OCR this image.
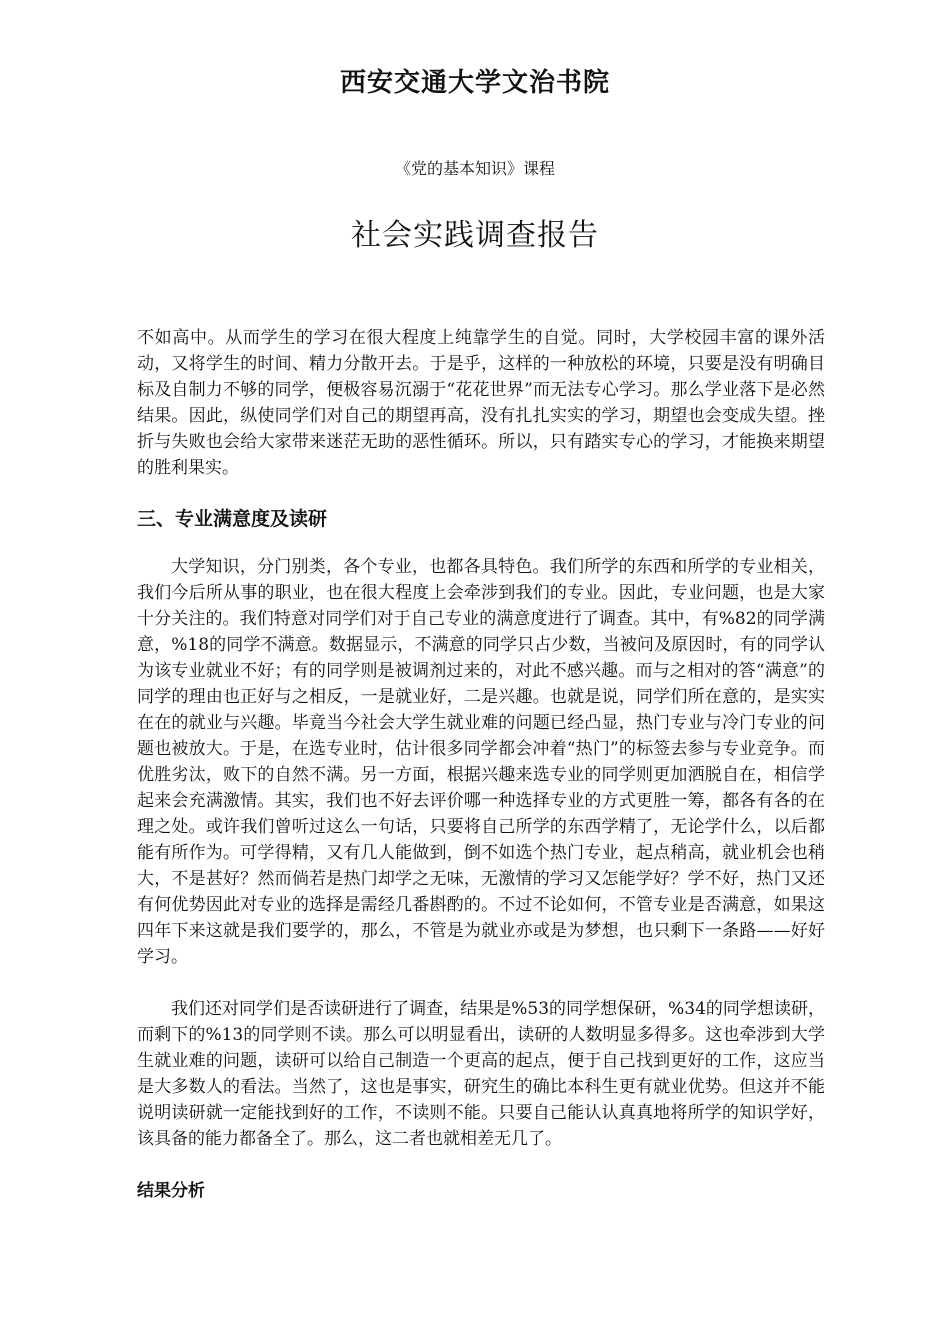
西安交通大学文治书院
《党的基本知识》课程
社会实践调查报告

不如高中。从而学生的学习在很大程度上纯靠学生的自觉。同时，大学校园丰富的课外活动，又将学生的时间、精力分散开去。于是乎，这样的一种放松的环境，只要是没有明确目标及自制力不够的同学，便极容易沉溺于“花花世界”而无法专心学习。那么学业落下是必然结果。因此，纵使同学们对自己的期望再高，没有扎扎实实的学习，期望也会变成失望。挫折与失败也会给大家带来迷茫无助的恶性循环。所以，只有踏实专心的学习，才能换来期望的胜利果实。

三、专业满意度及读研

大学知识，分门别类，各个专业，也都各具特色。我们所学的东西和所学的专业相关，我们今后所从事的职业，也在很大程度上会牵涉到我们的专业。因此，专业问题，也是大家十分关注的。我们特意对同学们对于自己专业的满意度进行了调查。其中，有%82的同学满意，%18的同学不满意。数据显示，不满意的同学只占少数，当被问及原因时，有的同学认为该专业就业不好；有的同学则是被调剂过来的，对此不感兴趣。而与之相对的答“满意”的同学的理由也正好与之相反，一是就业好，二是兴趣。也就是说，同学们所在意的，是实实在在的就业与兴趣。毕竟当今社会大学生就业难的问题已经凸显，热门专业与冷门专业的问题也被放大。于是，在选专业时，估计很多同学都会冲着“热门”的标签去参与专业竞争。而优胜劣汰，败下的自然不满。另一方面，根据兴趣来选专业的同学则更加洒脱自在，相信学起来会充满激情。其实，我们也不好去评价哪一种选择专业的方式更胜一筹，都各有各的在理之处。或许我们曾听过这么一句话，只要将自己所学的东西学精了，无论学什么，以后都能有所作为。可学得精，又有几人能做到，倒不如选个热门专业，起点稍高，就业机会也稍大，不是甚好？然而倘若是热门却学之无味，无激情的学习又怎能学好？学不好，热门又还有何优势因此对专业的选择是需经几番斟酌的。不过不论如何，不管专业是否满意，如果这四年下来这就是我们要学的，那么，不管是为就业亦或是为梦想，也只剩下一条路——好好学习。

我们还对同学们是否读研进行了调查，结果是%53的同学想保研，%34的同学想读研，而剩下的%13的同学则不读。那么可以明显看出，读研的人数明显多得多。这也牵涉到大学生就业难的问题，读研可以给自己制造一个更高的起点，便于自己找到更好的工作，这应当是大多数人的看法。当然了，这也是事实，研究生的确比本科生更有就业优势。但这并不能说明读研就一定能找到好的工作，不读则不能。只要自己能认认真真地将所学的知识学好，该具备的能力都备全了。那么，这二者也就相差无几了。

结果分析
